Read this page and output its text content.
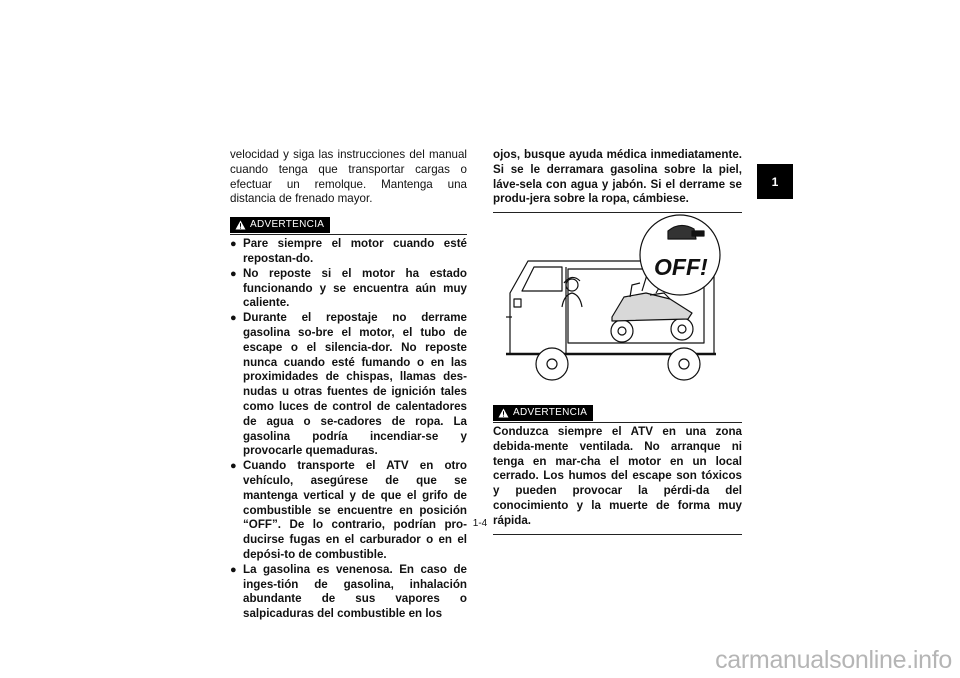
velocidad y siga las instrucciones del manual cuando tenga que transportar cargas o efectuar un remolque. Mantenga una distancia de frenado mayor.

ADVERTENCIA
● Pare siempre el motor cuando esté repostan-do.
● No reposte si el motor ha estado funcionando y se encuentra aún muy caliente.
● Durante el repostaje no derrame gasolina so-bre el motor, el tubo de escape o el silencia-dor. No reposte nunca cuando esté fumando o en las proximidades de chispas, llamas des-nudas u otras fuentes de ignición tales como luces de control de calentadores de agua o se-cadores de ropa. La gasolina podría incendiar-se y provocarle quemaduras.
● Cuando transporte el ATV en otro vehículo, asegúrese de que se mantenga vertical y de que el grifo de combustible se encuentre en posición “OFF”. De lo contrario, podrían pro-ducirse fugas en el carburador o en el depósi-to de combustible.
● La gasolina es venenosa. En caso de inges-tión de gasolina, inhalación abundante de sus vapores o salpicaduras del combustible en los
ojos, busque ayuda médica inmediatamente. Si se le derramara gasolina sobre la piel, láve-sela con agua y jabón. Si el derrame se produ-jera sobre la ropa, cámbiese.
OFF!
ADVERTENCIA
Conduzca siempre el ATV en una zona debida-mente ventilada. No arranque ni tenga en mar-cha el motor en un local cerrado. Los humos del escape son tóxicos y pueden provocar la pérdi-da del conocimiento y la muerte de forma muy rápida.
1
1-4
carmanualsonline.info
